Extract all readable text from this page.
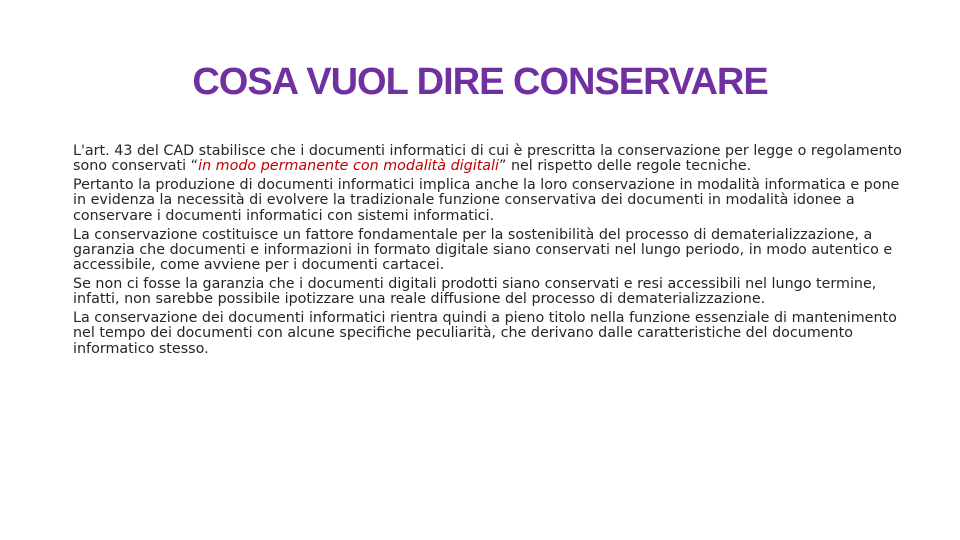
COSA VUOL DIRE CONSERVARE

L'art. 43 del CAD stabilisce che i documenti informatici di cui è prescritta la conservazione per legge o regolamento sono conservati “in modo permanente con modalità digitali” nel rispetto delle regole tecniche.

Pertanto la produzione di documenti informatici implica anche la loro conservazione in modalità informatica e pone in evidenza la necessità di evolvere la tradizionale funzione conservativa dei documenti in modalità idonee a conservare i documenti informatici con sistemi informatici.

La conservazione costituisce un fattore fondamentale per la sostenibilità del processo di dematerializzazione, a garanzia che documenti e informazioni in formato digitale siano conservati nel lungo periodo, in modo autentico e accessibile, come avviene per i documenti cartacei.

Se non ci fosse la garanzia che i documenti digitali prodotti siano conservati e resi accessibili nel lungo termine, infatti, non sarebbe possibile ipotizzare una reale diffusione del processo di dematerializzazione.

La conservazione dei documenti informatici rientra quindi a pieno titolo nella funzione essenziale di mantenimento nel tempo dei documenti con alcune specifiche peculiarità, che derivano dalle caratteristiche del documento informatico stesso.
